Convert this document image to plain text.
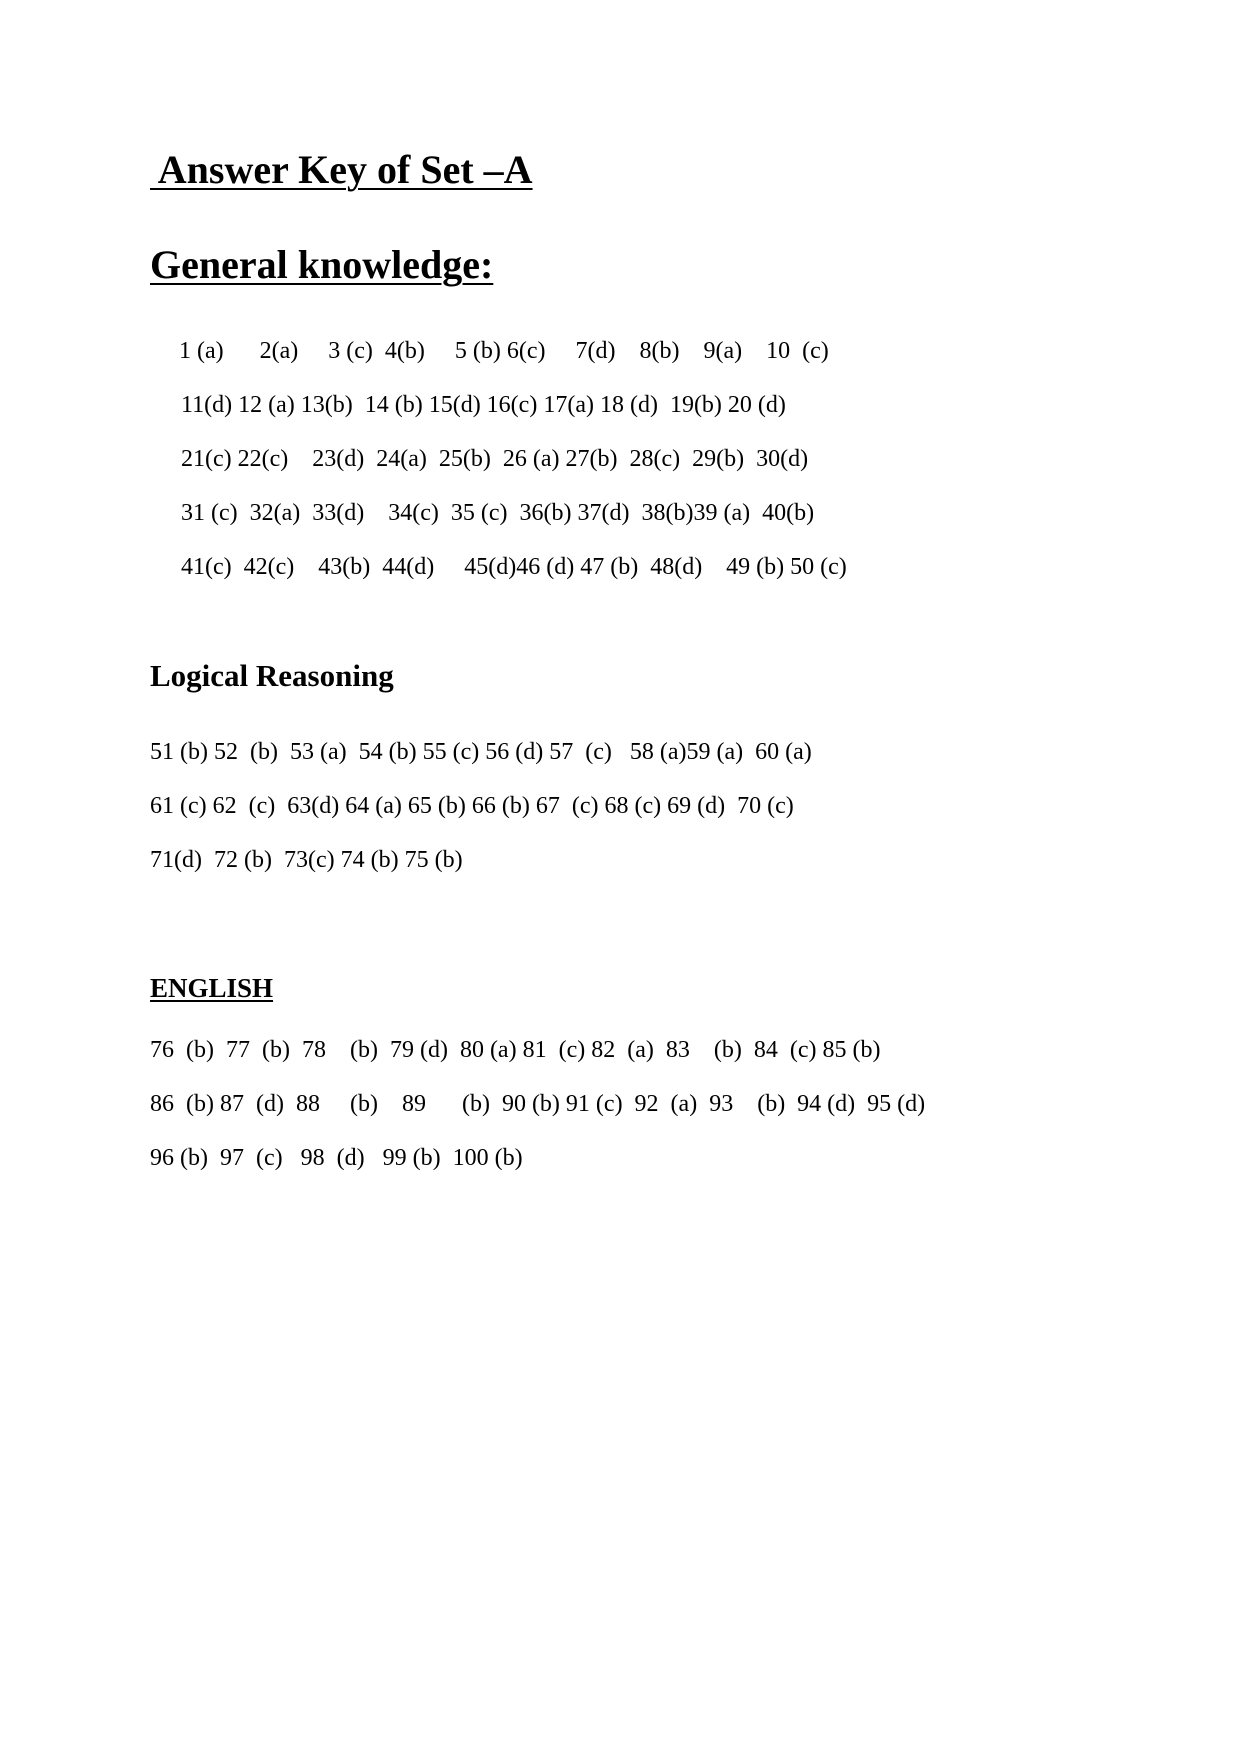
Answer Key of Set –A
General knowledge:

1 (a)      2(a)     3 (c)  4(b)     5 (b) 6(c)     7(d)    8(b)    9(a)    10  (c)

11(d) 12 (a) 13(b)  14 (b) 15(d) 16(c) 17(a) 18 (d)  19(b) 20 (d)

21(c) 22(c)    23(d)  24(a)  25(b)  26 (a) 27(b)  28(c)  29(b)  30(d)

31 (c)  32(a)  33(d)    34(c)  35 (c)  36(b) 37(d)  38(b)39 (a)  40(b)

41(c)  42(c)    43(b)  44(d)     45(d)46 (d) 47 (b)  48(d)    49 (b) 50 (c)

Logical Reasoning

51 (b) 52  (b)  53 (a)  54 (b) 55 (c) 56 (d) 57  (c)   58 (a)59 (a)  60 (a)

61 (c) 62  (c)  63(d) 64 (a) 65 (b) 66 (b) 67  (c) 68 (c) 69 (d)  70 (c)

71(d)  72 (b)  73(c) 74 (b) 75 (b)

ENGLISH

76  (b)  77  (b)  78    (b)  79 (d)  80 (a) 81  (c) 82  (a)  83    (b)  84  (c) 85 (b)

86  (b) 87  (d)  88     (b)    89      (b)  90 (b) 91 (c)  92  (a)  93    (b)  94 (d)  95 (d)

96 (b)  97  (c)   98  (d)   99 (b)  100 (b)
